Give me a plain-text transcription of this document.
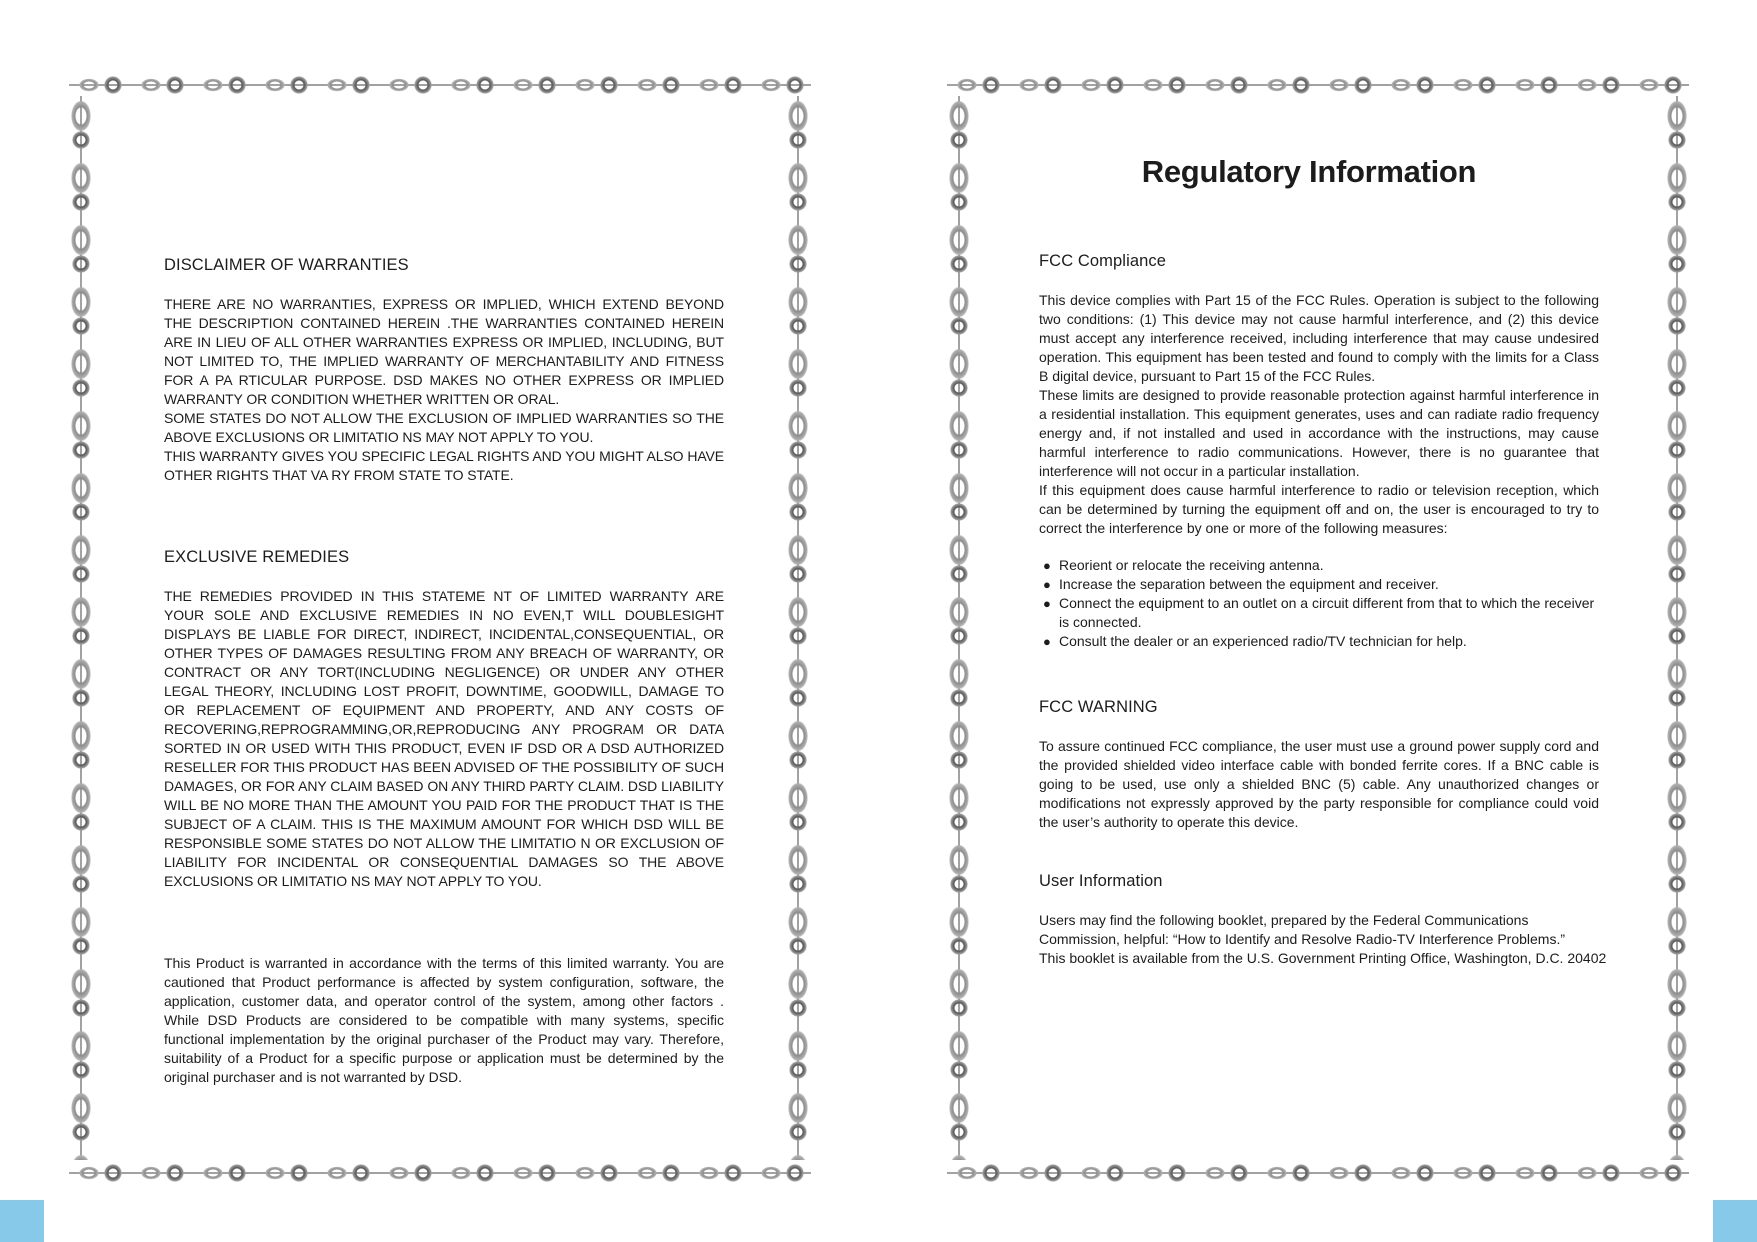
DISCLAIMER OF WARRANTIES

THERE ARE NO WARRANTIES, EXPRESS OR IMPLIED, WHICH EXTEND BEYOND THE DESCRIPTION CONTAINED HEREIN .THE WARRANTIES CONTAINED HEREIN ARE IN LIEU OF ALL OTHER WARRANTIES EXPRESS OR IMPLIED, INCLUDING, BUT NOT LIMITED TO, THE IMPLIED WARRANTY OF MERCHANTABILITY AND FITNESS FOR A PA RTICULAR PURPOSE. DSD MAKES NO OTHER EXPRESS OR IMPLIED WARRANTY OR CONDITION WHETHER WRITTEN OR ORAL.

SOME STATES DO NOT ALLOW THE EXCLUSION OF IMPLIED WARRANTIES SO THE ABOVE EXCLUSIONS OR LIMITATIO NS MAY NOT APPLY TO YOU.

THIS WARRANTY GIVES YOU SPECIFIC LEGAL RIGHTS AND YOU MIGHT ALSO HAVE OTHER RIGHTS THAT VA RY FROM STATE TO STATE.

EXCLUSIVE REMEDIES

THE REMEDIES PROVIDED IN THIS STATEME NT OF LIMITED WARRANTY ARE YOUR SOLE AND EXCLUSIVE REMEDIES IN NO EVEN,T WILL DOUBLESIGHT DISPLAYS BE LIABLE FOR DIRECT, INDIRECT, INCIDENTAL,CONSEQUENTIAL, OR OTHER TYPES OF DAMAGES RESULTING FROM ANY BREACH OF WARRANTY, OR CONTRACT OR ANY TORT(INCLUDING NEGLIGENCE) OR UNDER ANY OTHER LEGAL THEORY, INCLUDING LOST PROFIT, DOWNTIME, GOODWILL, DAMAGE TO OR REPLACEMENT OF EQUIPMENT AND PROPERTY, AND ANY COSTS OF RECOVERING,REPROGRAMMING,OR,REPRODUCING ANY PROGRAM OR DATA SORTED IN OR USED WITH THIS PRODUCT, EVEN IF DSD OR A DSD AUTHORIZED RESELLER FOR THIS PRODUCT HAS BEEN ADVISED OF THE POSSIBILITY OF SUCH DAMAGES, OR FOR ANY CLAIM BASED ON ANY THIRD PARTY CLAIM. DSD LIABILITY WILL BE NO MORE THAN THE AMOUNT YOU PAID FOR THE PRODUCT THAT IS THE SUBJECT OF A CLAIM. THIS IS THE MAXIMUM AMOUNT FOR WHICH DSD WILL BE RESPONSIBLE SOME STATES DO NOT ALLOW THE LIMITATIO N OR EXCLUSION OF LIABILITY FOR INCIDENTAL OR CONSEQUENTIAL DAMAGES SO THE ABOVE EXCLUSIONS OR LIMITATIO NS MAY NOT APPLY TO YOU.

This Product is warranted in accordance with the terms of this limited warranty. You are cautioned that Product performance is affected by system configuration, software, the application, customer data, and operator control of the system, among other factors . While DSD Products are considered to be compatible with many systems, specific functional implementation by the original purchaser of the Product may vary. Therefore, suitability of a Product for a specific purpose or application must be determined by the original purchaser and is not warranted by DSD.

Regulatory Information
FCC Compliance

This device complies with Part 15 of the FCC Rules. Operation is subject to the following two conditions: (1) This device may not cause harmful interference, and (2) this device must accept any interference received, including interference that may cause undesired operation. This equipment has been tested and found to comply with the limits for a Class B digital device, pursuant to Part 15 of the FCC Rules.

These limits are designed to provide reasonable protection against harmful interference in a residential installation. This equipment generates, uses and can radiate radio frequency energy and, if not installed and used in accordance with the instructions, may cause harmful interference to radio communications. However, there is no guarantee that interference will not occur in a particular installation.

If this equipment does cause harmful interference to radio or television reception, which can be determined by turning the equipment off and on, the user is encouraged to try to correct the interference by one or more of the following measures:

● Reorient or relocate the receiving antenna.
● Increase the separation between the equipment and receiver.
● Connect the equipment to an outlet on a circuit different from that to which the receiver is connected.
● Consult the dealer or an experienced radio/TV technician for help.
FCC WARNING

To assure continued FCC compliance, the user must use a ground power supply cord and the provided shielded video interface cable with bonded ferrite cores. If a BNC cable is going to be used, use only a shielded BNC (5) cable. Any unauthorized changes or modifications not expressly approved by the party responsible for compliance could void the user’s authority to operate this device.

User Information
Users may find the following booklet, prepared by the Federal Communications
Commission, helpful: “How to Identify and Resolve Radio-TV Interference Problems.”
This booklet is available from the U.S. Government Printing Office, Washington, D.C. 20402
